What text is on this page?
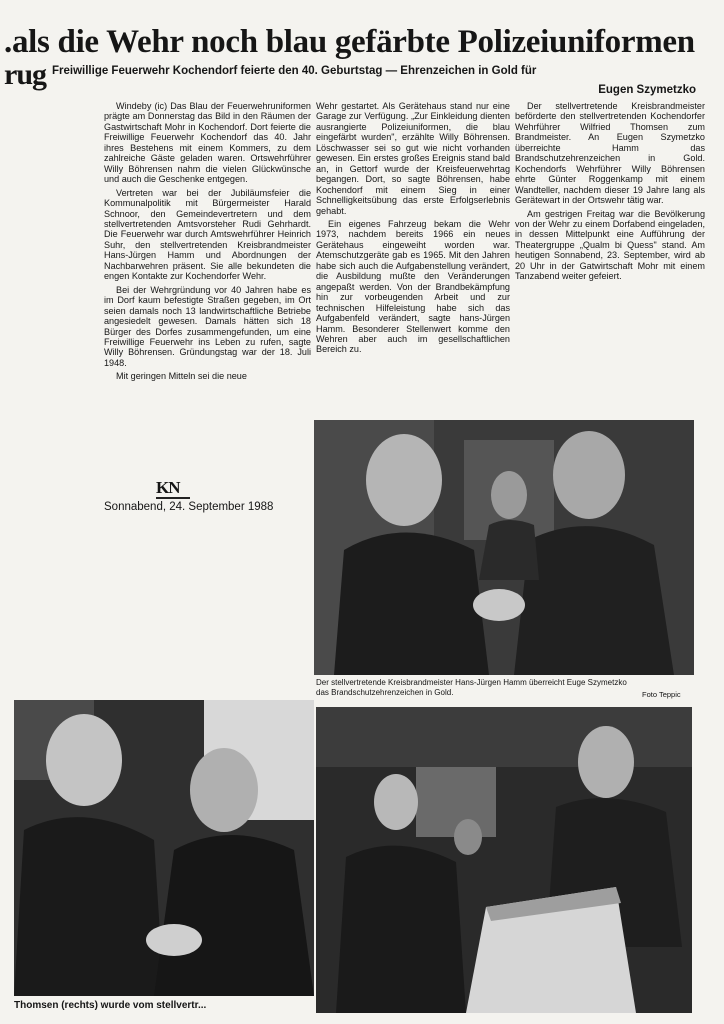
.als die Wehr noch blau gefärbte Polizeiuniformen
rug Freiwillige Feuerwehr Kochendorf feierte den 40. Geburtstag — Ehrenzeichen in Gold für
Eugen Szymetzko

Windeby (ic) Das Blau der Feuerwehruniformen prägte am Donnerstag das Bild in den Räumen der Gastwirtschaft Mohr in Kochendorf. Dort feierte die Freiwillige Feuerwehr Kochendorf das 40. Jahr ihres Bestehens mit einem Kommers, zu dem zahlreiche Gäste geladen waren. Ortswehrführer Willy Böhrensen nahm die vielen Glückwünsche und auch die Geschenke entgegen.

Vertreten war bei der Jubiläumsfeier die Kommunalpolitik mit Bürgermeister Harald Schnoor, den Gemeindevertretern und dem stellvertretenden Amtsvorsteher Rudi Gehrhardt. Die Feuerwehr war durch Amtswehrführer Heinrich Suhr, den stellvertretenden Kreisbrandmeister Hans-Jürgen Hamm und Abordnungen der Nachbarwehren präsent. Sie alle bekundeten die engen Kontakte zur Kochendorfer Wehr.

Bei der Wehrgründung vor 40 Jahren habe es im Dorf kaum befestigte Straßen gegeben, im Ort seien damals noch 13 landwirtschaftliche Betriebe angesiedelt gewesen. Damals hätten sich 18 Bürger des Dorfes zusammengefunden, um eine Freiwillige Feuerwehr ins Leben zu rufen, sagte Willy Böhrensen. Gründungstag war der 18. Juli 1948.

Mit geringen Mitteln sei die neue

KN
Sonnabend, 24. September 1988

Wehr gestartet. Als Gerätehaus stand nur eine Garage zur Verfügung. „Zur Einkleidung dienten ausrangierte Polizeiuniformen, die blau eingefärbt wurden", erzählte Willy Böhrensen. Löschwasser sei so gut wie nicht vorhanden gewesen. Ein erstes großes Ereignis stand bald an, in Gettorf wurde der Kreisfeuerwehrtag begangen. Dort, so sagte Böhrensen, habe Kochendorf mit einem Sieg in einer Schnelligkeitsübung das erste Erfolgserlebnis gehabt.

Ein eigenes Fahrzeug bekam die Wehr 1973, nachdem bereits 1966 ein neues Gerätehaus eingeweiht worden war. Atemschutzgeräte gab es 1965. Mit den Jahren habe sich auch die Aufgabenstellung verändert, die Ausbildung mußte den Veränderungen angepaßt werden. Von der Brandbekämpfung hin zur vorbeugenden Arbeit und zur technischen Hilfeleistung habe sich das Aufgabenfeld verändert, sagte hans-Jürgen Hamm. Besonderer Stellenwert komme den Wehren aber auch im gesellschaftlichen Bereich zu.

Der stellvertretende Kreisbrandmeister beförderte den stellvertretenden Kochendorfer Wehrführer Wilfried Thomsen zum Brandmeister. An Eugen Szymetzko überreichte Hamm das Brandschutzehrenzeichen in Gold. Kochendorfs Wehrführer Willy Böhrensen ehrte Günter Roggenkamp mit einem Wandteller, nachdem dieser 19 Jahre lang als Gerätewart in der Ortswehr tätig war.

Am gestrigen Freitag war die Bevölkerung von der Wehr zu einem Dorfabend eingeladen, in dessen Mittelpunkt eine Aufführung der Theatergruppe „Qualm bi Quess" stand. Am heutigen Sonnabend, 23. September, wird ab 20 Uhr in der Gatwirtschaft Mohr mit einem Tanzabend weiter gefeiert.

Der stellvertretende Kreisbrandmeister Hans-Jürgen Hamm überreicht Euge Szymetzko das Brandschutzehrenzeichen in Gold.	Foto Teppic
Thomsen (rechts) wurde vom stellvertr...
